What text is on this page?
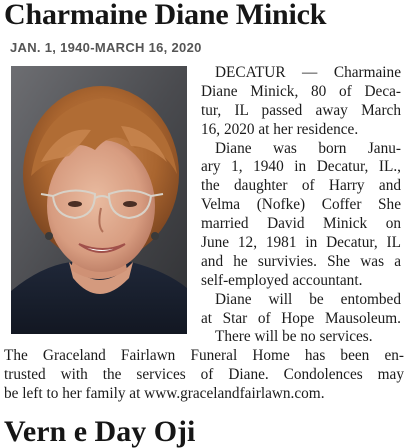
Charmaine Diane Minick
JAN. 1, 1940-MARCH 16, 2020
DECATUR — Charmaine
Diane Minick, 80 of Deca-
tur, IL passed away March
16, 2020 at her residence.
Diane was born Janu-
ary 1, 1940 in Decatur, IL.,
the daughter of Harry and
Velma (Nofke) Coffer She
married David Minick on
June 12, 1981 in Decatur, IL
and he survivies. She was a
self-employed accountant.
Diane will be entombed
at Star of Hope Mausoleum.
There will be no services.
The Graceland Fairlawn Funeral Home has been en-
trusted with the services of Diane. Condolences may
be left to her family at www.gracelandfairlawn.com.
Vern e Day Oji
